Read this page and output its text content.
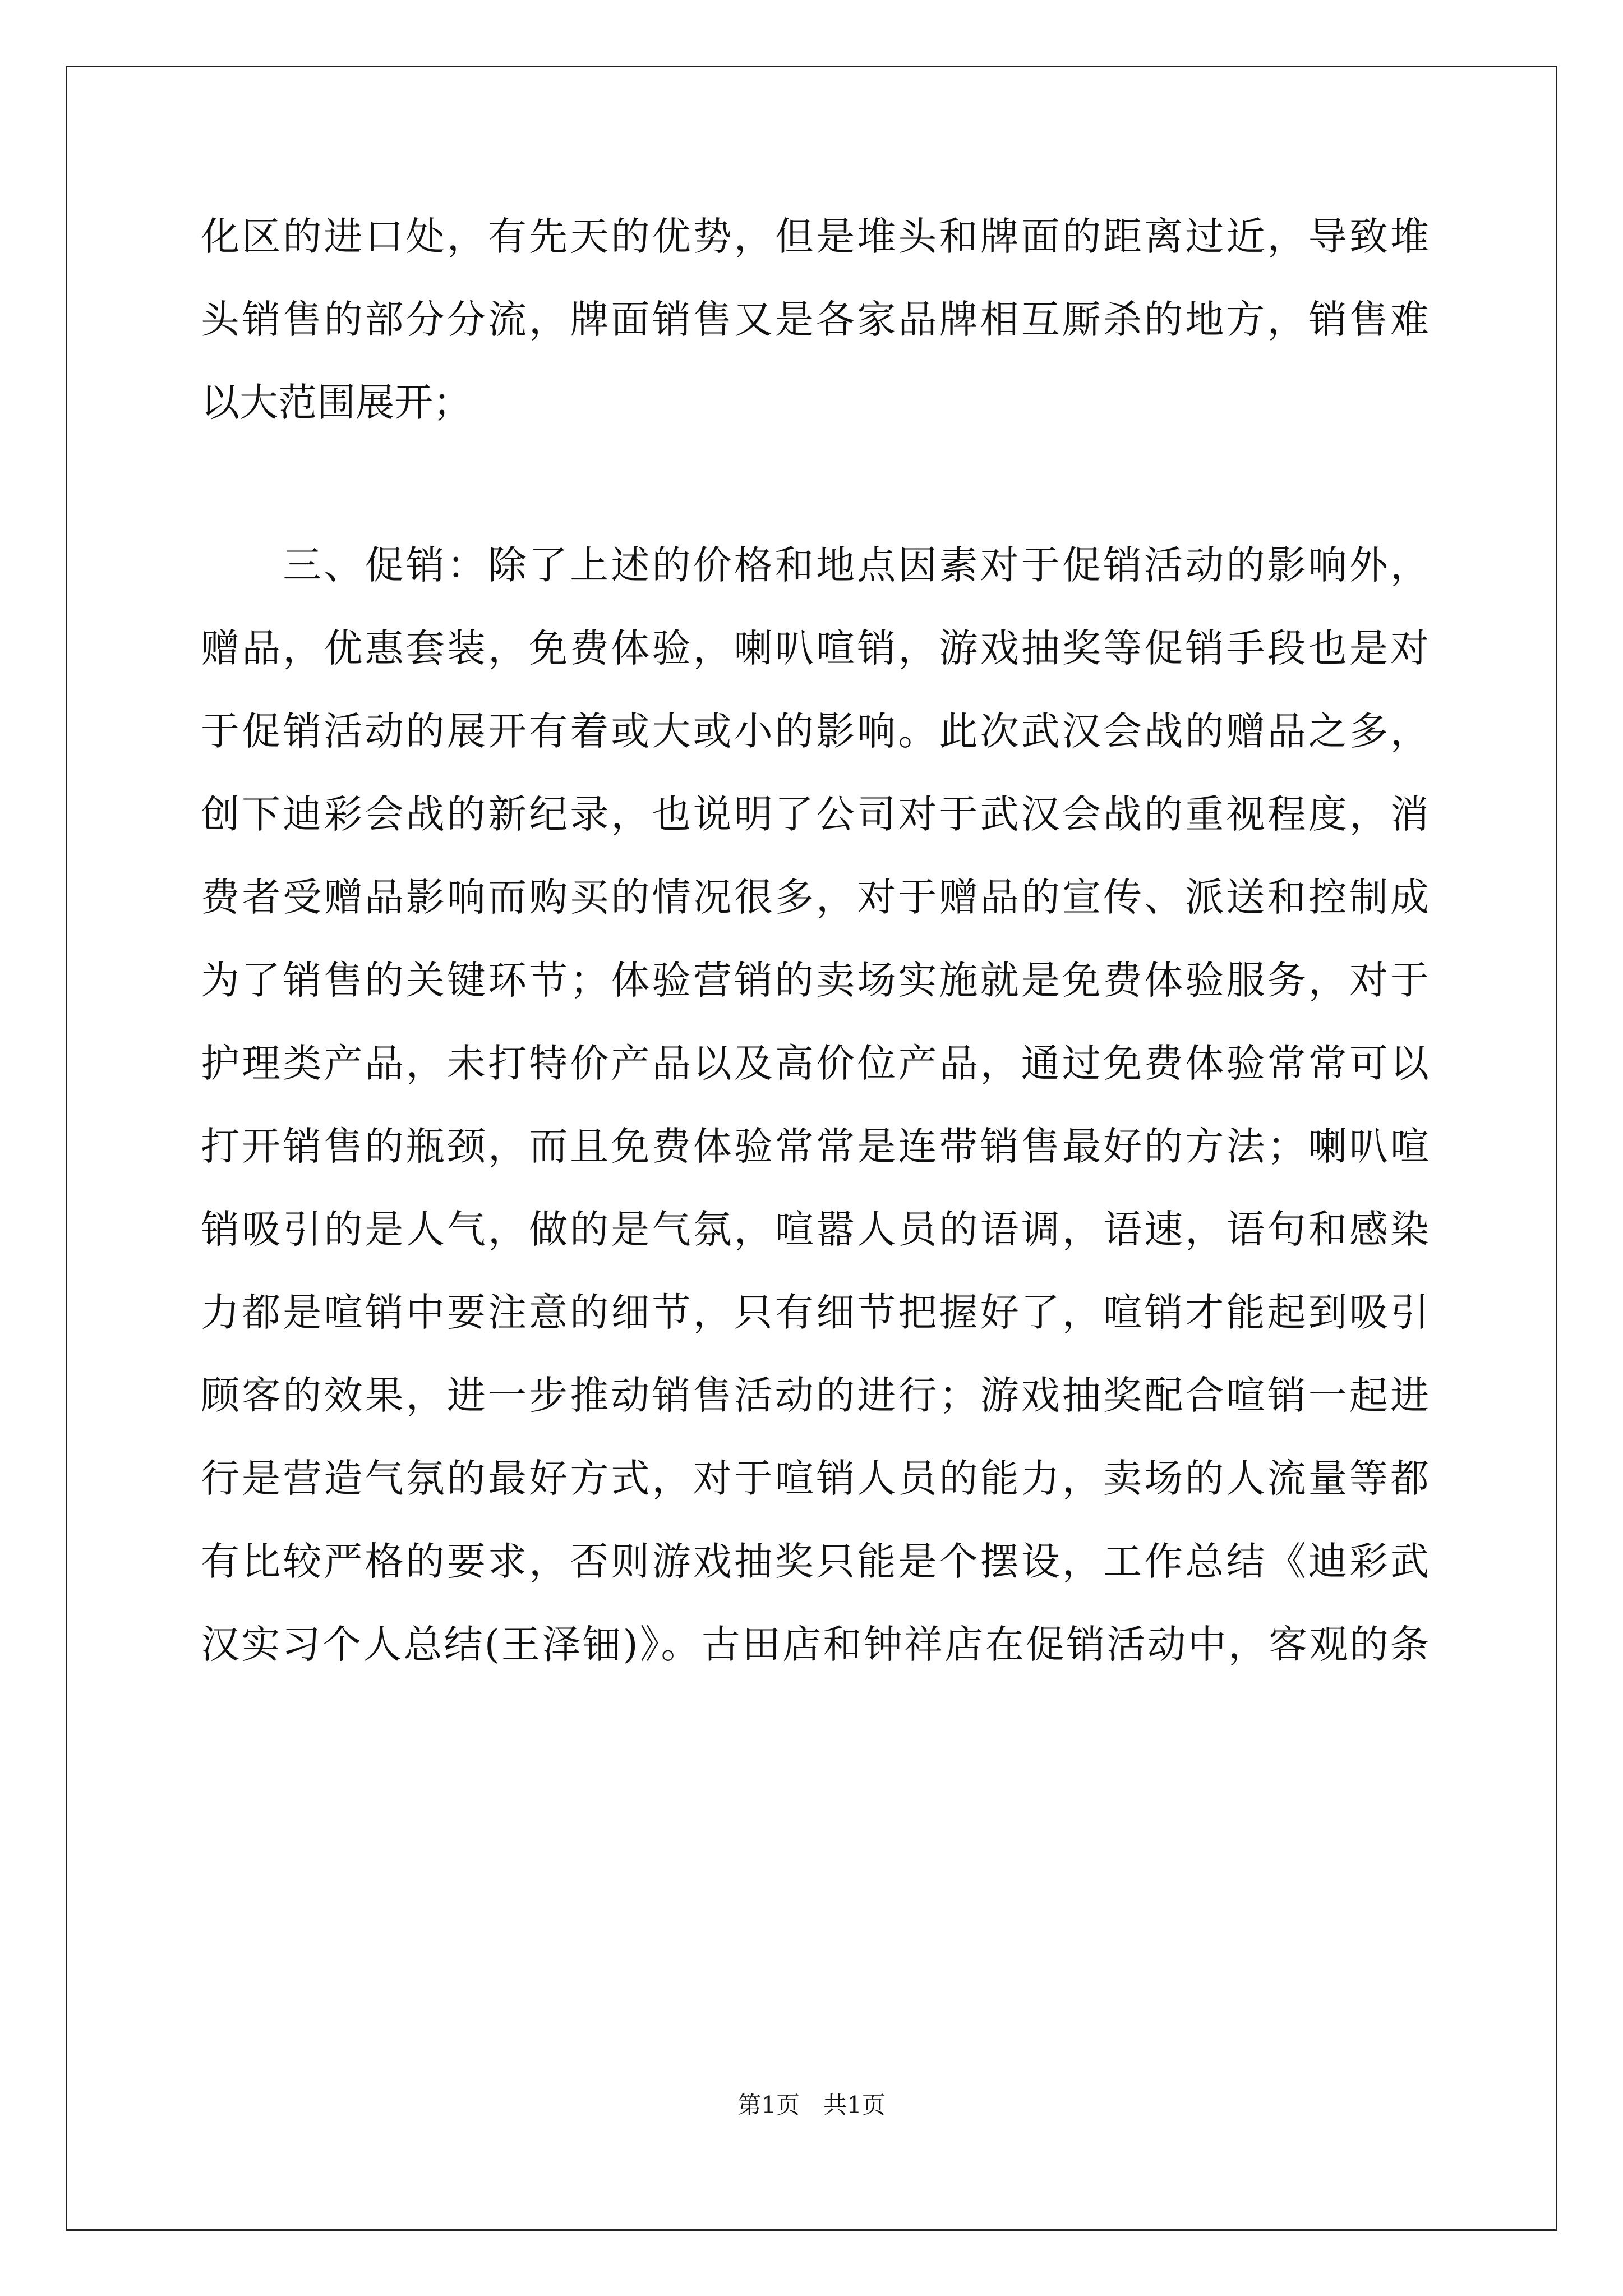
化区的进口处，有先天的优势，但是堆头和牌面的距离过近，导致堆
头销售的部分分流，牌面销售又是各家品牌相互厮杀的地方，销售难
以大范围展开；
　　三、促销：除了上述的价格和地点因素对于促销活动的影响外，
赠品，优惠套装，免费体验，喇叭喧销，游戏抽奖等促销手段也是对
于促销活动的展开有着或大或小的影响。此次武汉会战的赠品之多，
创下迪彩会战的新纪录，也说明了公司对于武汉会战的重视程度，消
费者受赠品影响而购买的情况很多，对于赠品的宣传、派送和控制成
为了销售的关键环节；体验营销的卖场实施就是免费体验服务，对于
护理类产品，未打特价产品以及高价位产品，通过免费体验常常可以
打开销售的瓶颈，而且免费体验常常是连带销售最好的方法；喇叭喧
销吸引的是人气，做的是气氛，喧嚣人员的语调，语速，语句和感染
力都是喧销中要注意的细节，只有细节把握好了，喧销才能起到吸引
顾客的效果，进一步推动销售活动的进行；游戏抽奖配合喧销一起进
行是营造气氛的最好方式，对于喧销人员的能力，卖场的人流量等都
有比较严格的要求，否则游戏抽奖只能是个摆设，工作总结《迪彩武
汉实习个人总结(王泽钿)》。古田店和钟祥店在促销活动中，客观的条
第1页　共1页
